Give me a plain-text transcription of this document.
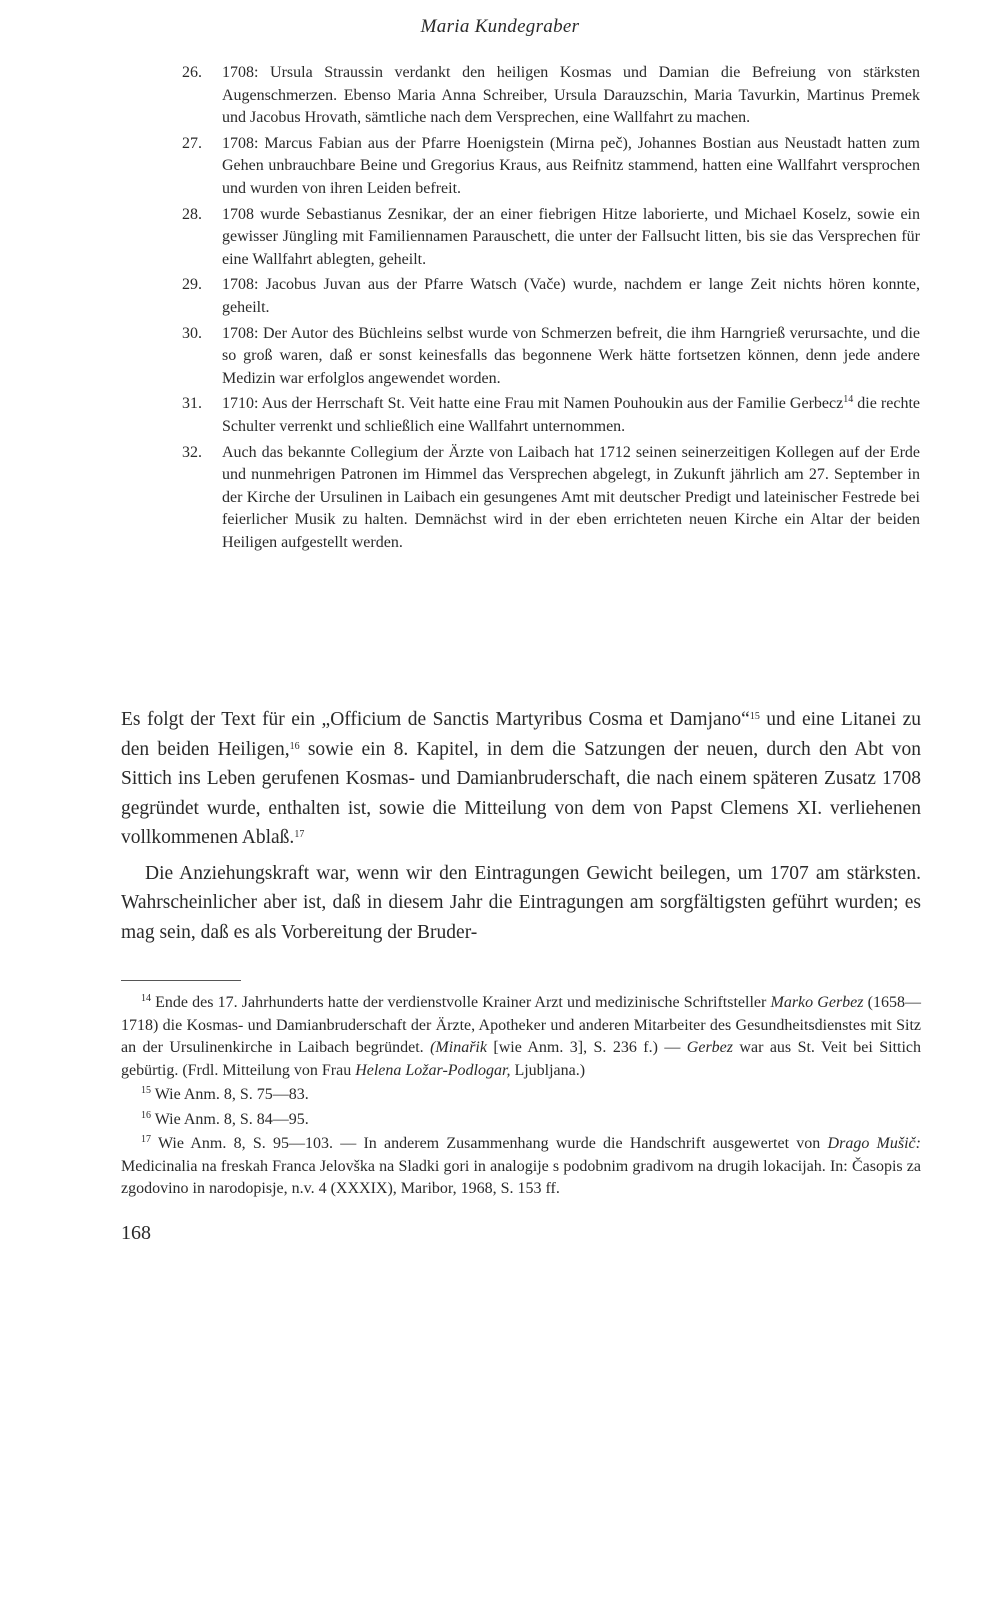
Maria Kundegraber
26.	1708: Ursula Straussin verdankt den heiligen Kosmas und Damian die Befreiung von stärksten Augenschmerzen. Ebenso Maria Anna Schreiber, Ursula Darauzschin, Maria Tavurkin, Martinus Premek und Jacobus Hrovath, sämtliche nach dem Versprechen, eine Wallfahrt zu machen.
27.	1708: Marcus Fabian aus der Pfarre Hoenigstein (Mirna peč), Johannes Bostian aus Neustadt hatten zum Gehen unbrauchbare Beine und Gregorius Kraus, aus Reifnitz stammend, hatten eine Wallfahrt versprochen und wurden von ihren Leiden befreit.
28.	1708 wurde Sebastianus Zesnikar, der an einer fiebrigen Hitze laborierte, und Michael Koselz, sowie ein gewisser Jüngling mit Familiennamen Parauschett, die unter der Fallsucht litten, bis sie das Versprechen für eine Wallfahrt ablegten, geheilt.
29.	1708: Jacobus Juvan aus der Pfarre Watsch (Vače) wurde, nachdem er lange Zeit nichts hören konnte, geheilt.
30.	1708: Der Autor des Büchleins selbst wurde von Schmerzen befreit, die ihm Harngrieß verursachte, und die so groß waren, daß er sonst keinesfalls das begonnene Werk hätte fortsetzen können, denn jede andere Medizin war erfolglos angewendet worden.
31.	1710: Aus der Herrschaft St. Veit hatte eine Frau mit Namen Pouhoukin aus der Familie Gerbecz$^{14}$ die rechte Schulter verrenkt und schließlich eine Wallfahrt unternommen.
32.	Auch das bekannte Collegium der Ärzte von Laibach hat 1712 seinen seinerzeitigen Kollegen auf der Erde und nunmehrigen Patronen im Himmel das Versprechen abgelegt, in Zukunft jährlich am 27. September in der Kirche der Ursulinen in Laibach ein gesungenes Amt mit deutscher Predigt und lateinischer Festrede bei feierlicher Musik zu halten. Demnächst wird in der eben errichteten neuen Kirche ein Altar der beiden Heiligen aufgestellt werden.

Es folgt der Text für ein „Officium de Sanctis Martyribus Cosma et Damjano“$^{15}$ und eine Litanei zu den beiden Heiligen,$^{16}$ sowie ein 8. Kapitel, in dem die Satzungen der neuen, durch den Abt von Sittich ins Leben gerufenen Kosmas- und Damianbruderschaft, die nach einem späteren Zusatz 1708 gegründet wurde, enthalten ist, sowie die Mitteilung von dem von Papst Clemens XI. verliehenen vollkommenen Ablaß.$^{17}$

Die Anziehungskraft war, wenn wir den Eintragungen Gewicht beilegen, um 1707 am stärksten. Wahrscheinlicher aber ist, daß in diesem Jahr die Eintragungen am sorgfältigsten geführt wurden; es mag sein, daß es als Vorbereitung der Bruder-

$^{14}$ Ende des 17. Jahrhunderts hatte der verdienstvolle Krainer Arzt und medizinische Schriftsteller Marko Gerbez (1658—1718) die Kosmas- und Damianbruderschaft der Ärzte, Apotheker und anderen Mitarbeiter des Gesundheitsdienstes mit Sitz an der Ursulinenkirche in Laibach begründet. (Minařik [wie Anm. 3], S. 236 f.) — Gerbez war aus St. Veit bei Sittich gebürtig. (Frdl. Mitteilung von Frau Helena Ložar-Podlogar, Ljubljana.)

$^{15}$ Wie Anm. 8, S. 75—83.

$^{16}$ Wie Anm. 8, S. 84—95.

$^{17}$ Wie Anm. 8, S. 95—103. — In anderem Zusammenhang wurde die Handschrift ausgewertet von Drago Mušič: Medicinalia na freskah Franca Jelovška na Sladki gori in analogije s podobnim gradivom na drugih lokacijah. In: Časopis za zgodovino in narodopisje, n.v. 4 (XXXIX), Maribor, 1968, S. 153 ff.

168
